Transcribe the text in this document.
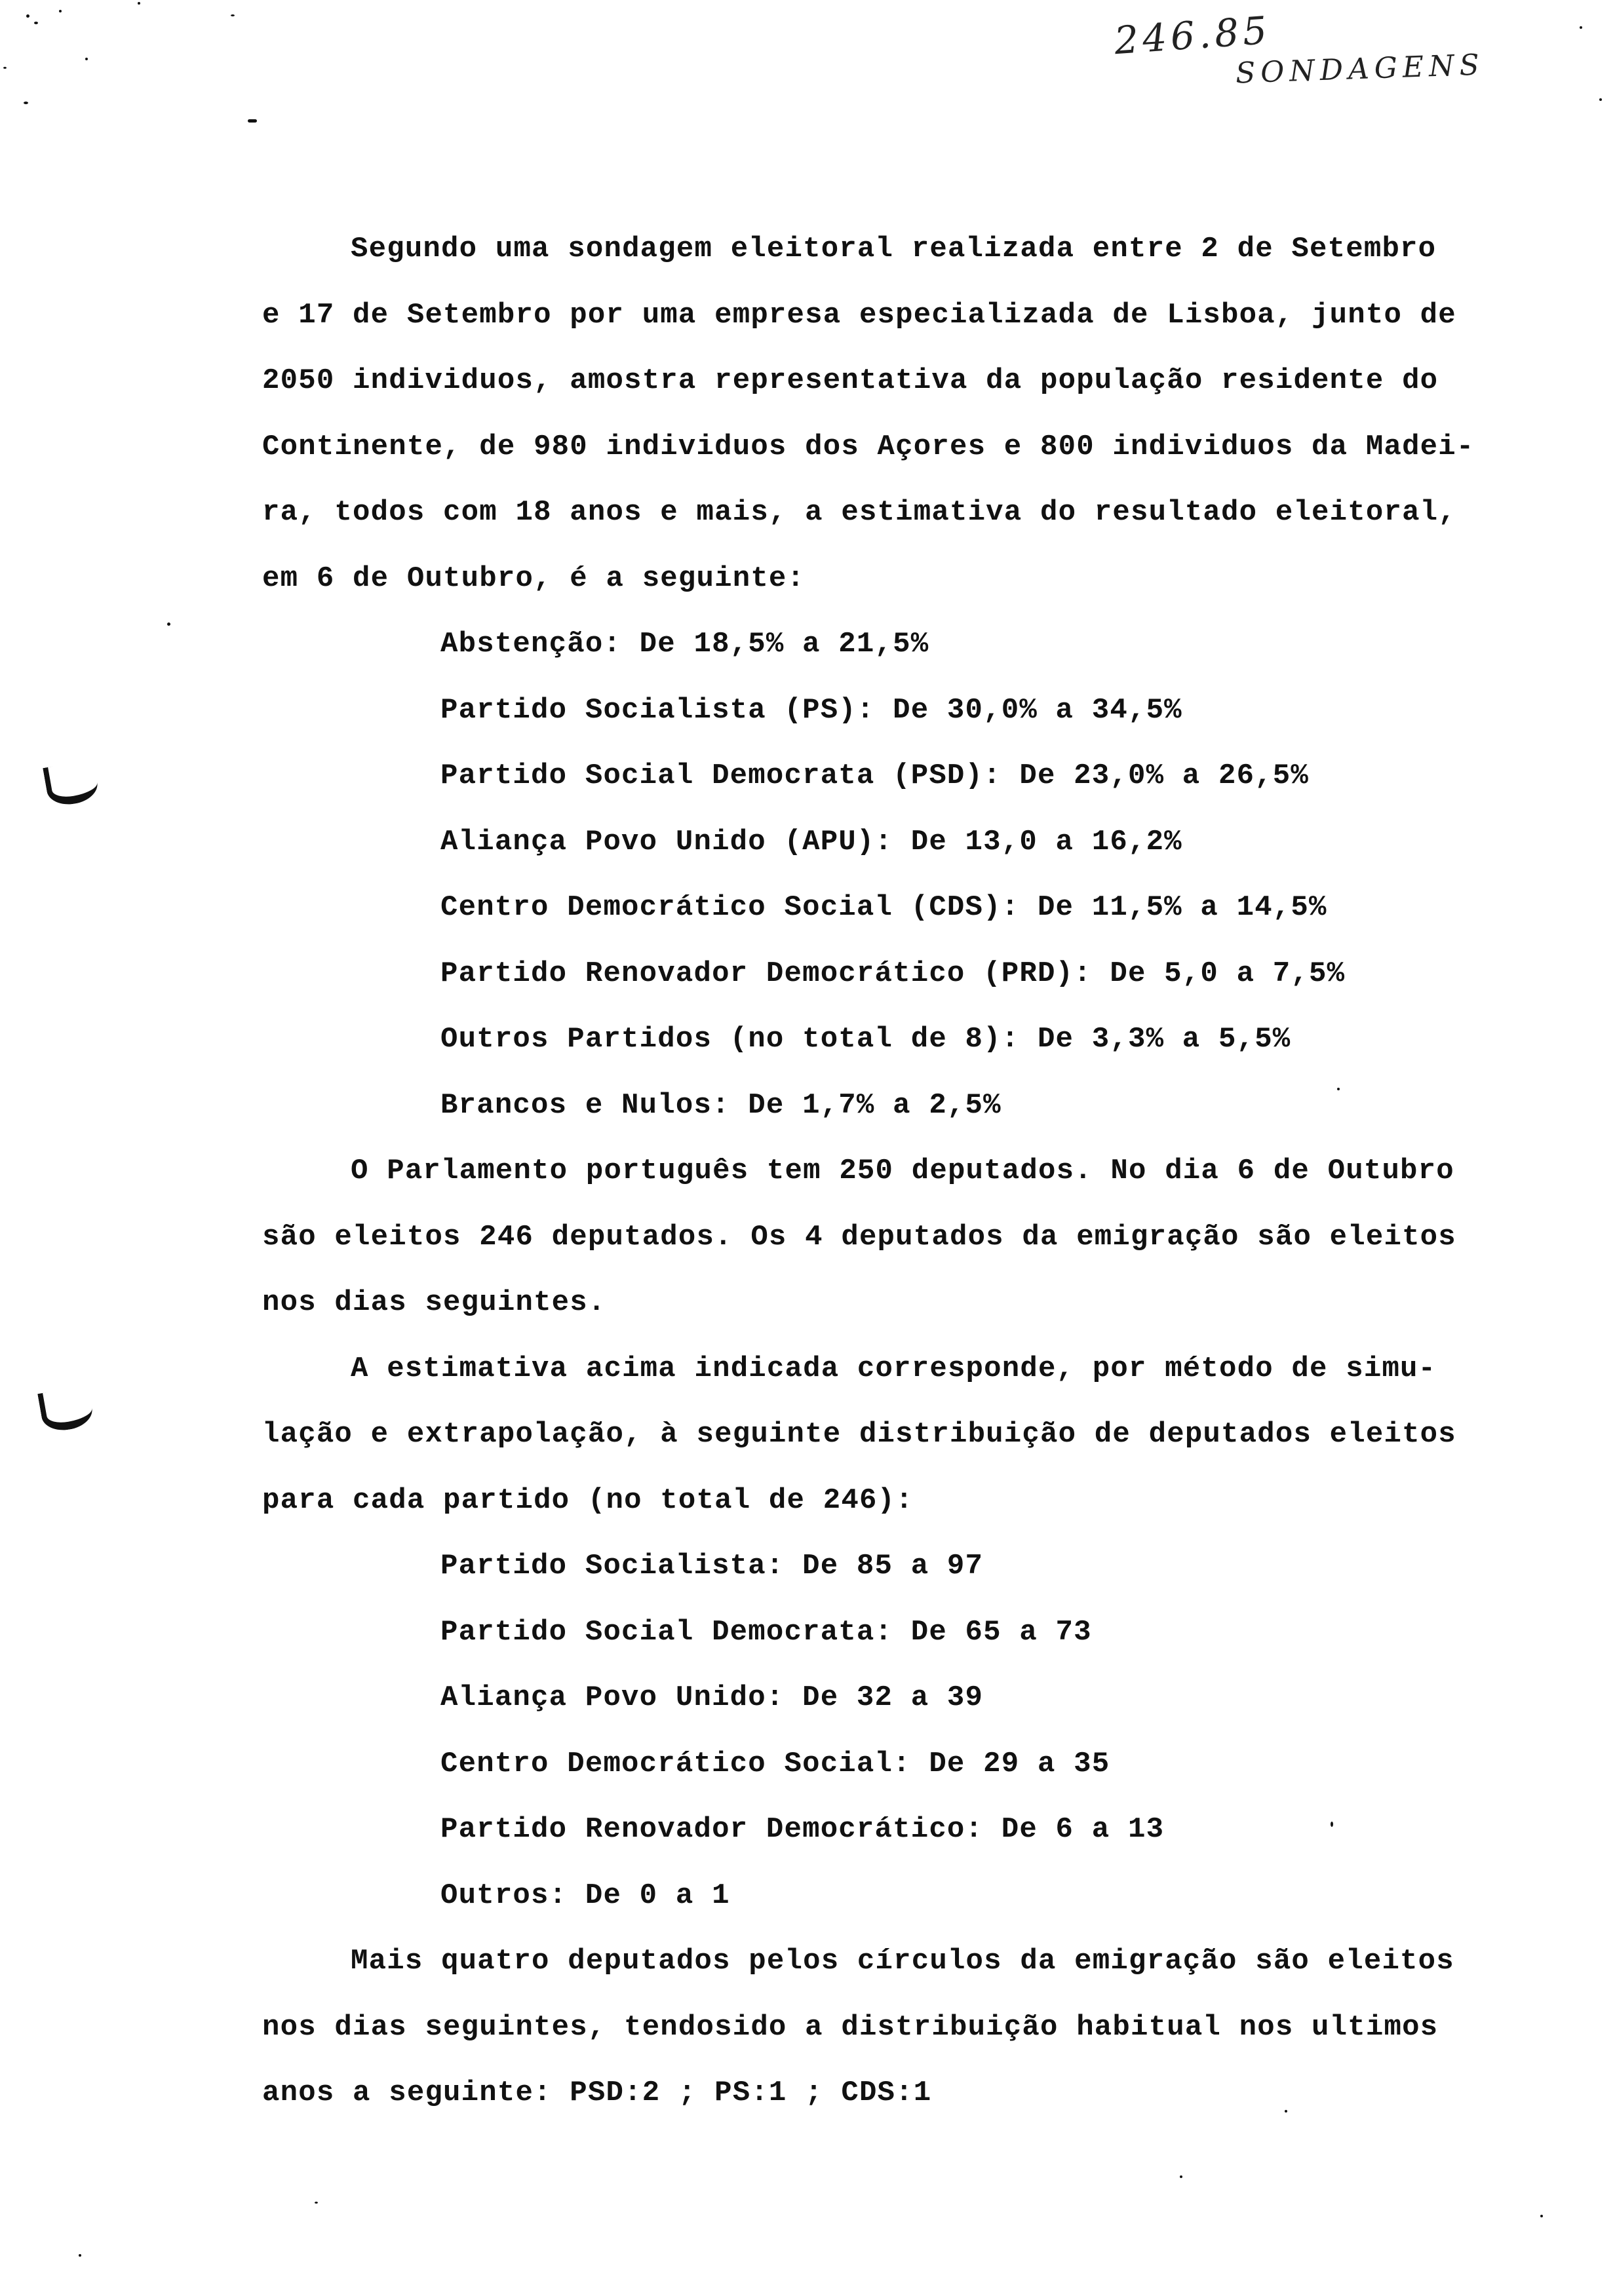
246.85
SONDAGENS

Segundo uma sondagem eleitoral realizada entre 2 de Setembro
e 17 de Setembro por uma empresa especializada de Lisboa, junto de
2050 individuos, amostra representativa da população residente do
Continente, de 980 individuos dos Açores e 800 individuos da Madei-
ra, todos com 18 anos e mais, a estimativa do resultado eleitoral,
em 6 de Outubro, é a seguinte:

Abstenção: De 18,5% a 21,5%
Partido Socialista (PS): De 30,0% a 34,5%
Partido Social Democrata (PSD): De 23,0% a 26,5%
Aliança Povo Unido (APU): De 13,0 a 16,2%
Centro Democrático Social (CDS): De 11,5% a 14,5%
Partido Renovador Democrático (PRD): De 5,0 a 7,5%
Outros Partidos (no total de 8): De 3,3% a 5,5%
Brancos e Nulos: De 1,7% a 2,5%

O Parlamento português tem 250 deputados. No dia 6 de Outubro
são eleitos 246 deputados. Os 4 deputados da emigração são eleitos
nos dias seguintes.

A estimativa acima indicada corresponde, por método de simu-
lação e extrapolação, à seguinte distribuição de deputados eleitos
para cada partido (no total de 246):

Partido Socialista: De 85 a 97
Partido Social Democrata: De 65 a 73
Aliança Povo Unido: De 32 a 39
Centro Democrático Social: De 29 a 35
Partido Renovador Democrático: De 6 a 13
Outros: De 0 a 1

Mais quatro deputados pelos círculos da emigração são eleitos
nos dias seguintes, tendosido a distribuição habitual nos ultimos
anos a seguinte: PSD:2 ; PS:1 ; CDS:1
